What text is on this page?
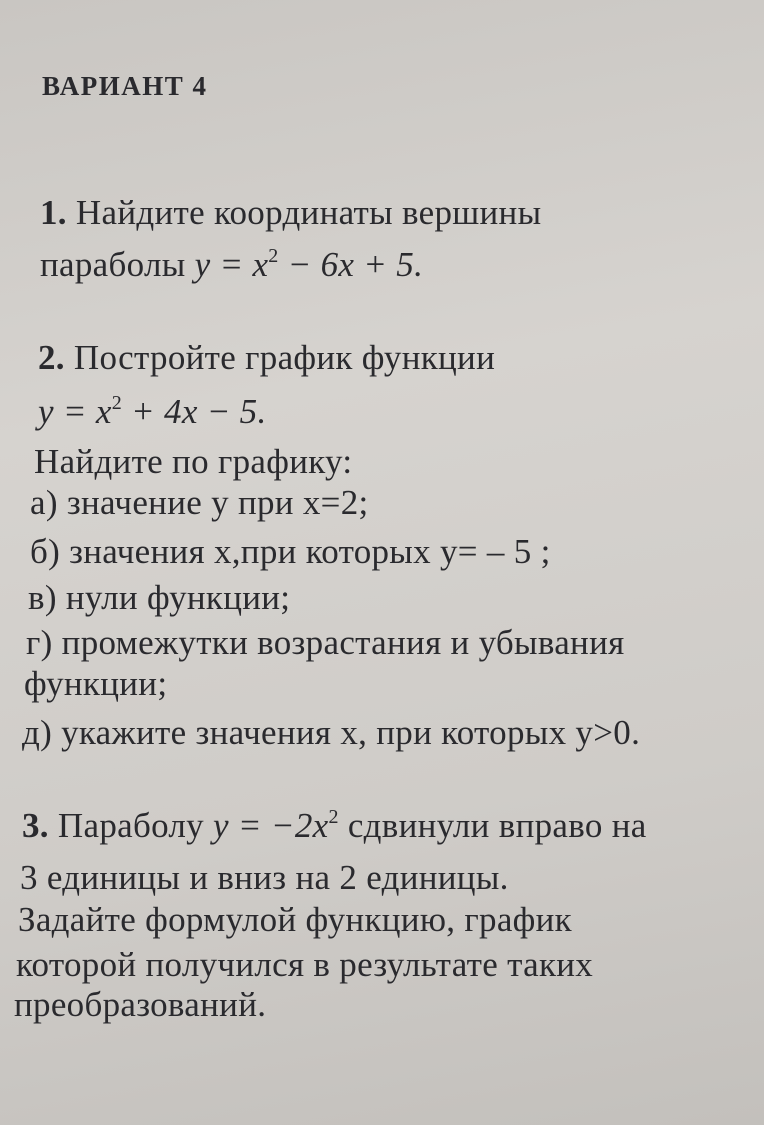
ВАРИАНТ 4
1. Найдите координаты вершины
параболы $y = x^2 - 6x + 5$.
2. Постройте график функции
$y = x^2 + 4x - 5$.
Найдите по графику:
а) значение у при х=2;
б) значения х,при которых у= – 5 ;
в) нули функции;
г) промежутки возрастания и убывания
функции;
д) укажите значения х, при которых у>0.
3. Параболу $y = -2x^2$ сдвинули вправо на
3 единицы и вниз на 2 единицы.
Задайте формулой функцию, график
которой получился в результате таких
преобразований.
